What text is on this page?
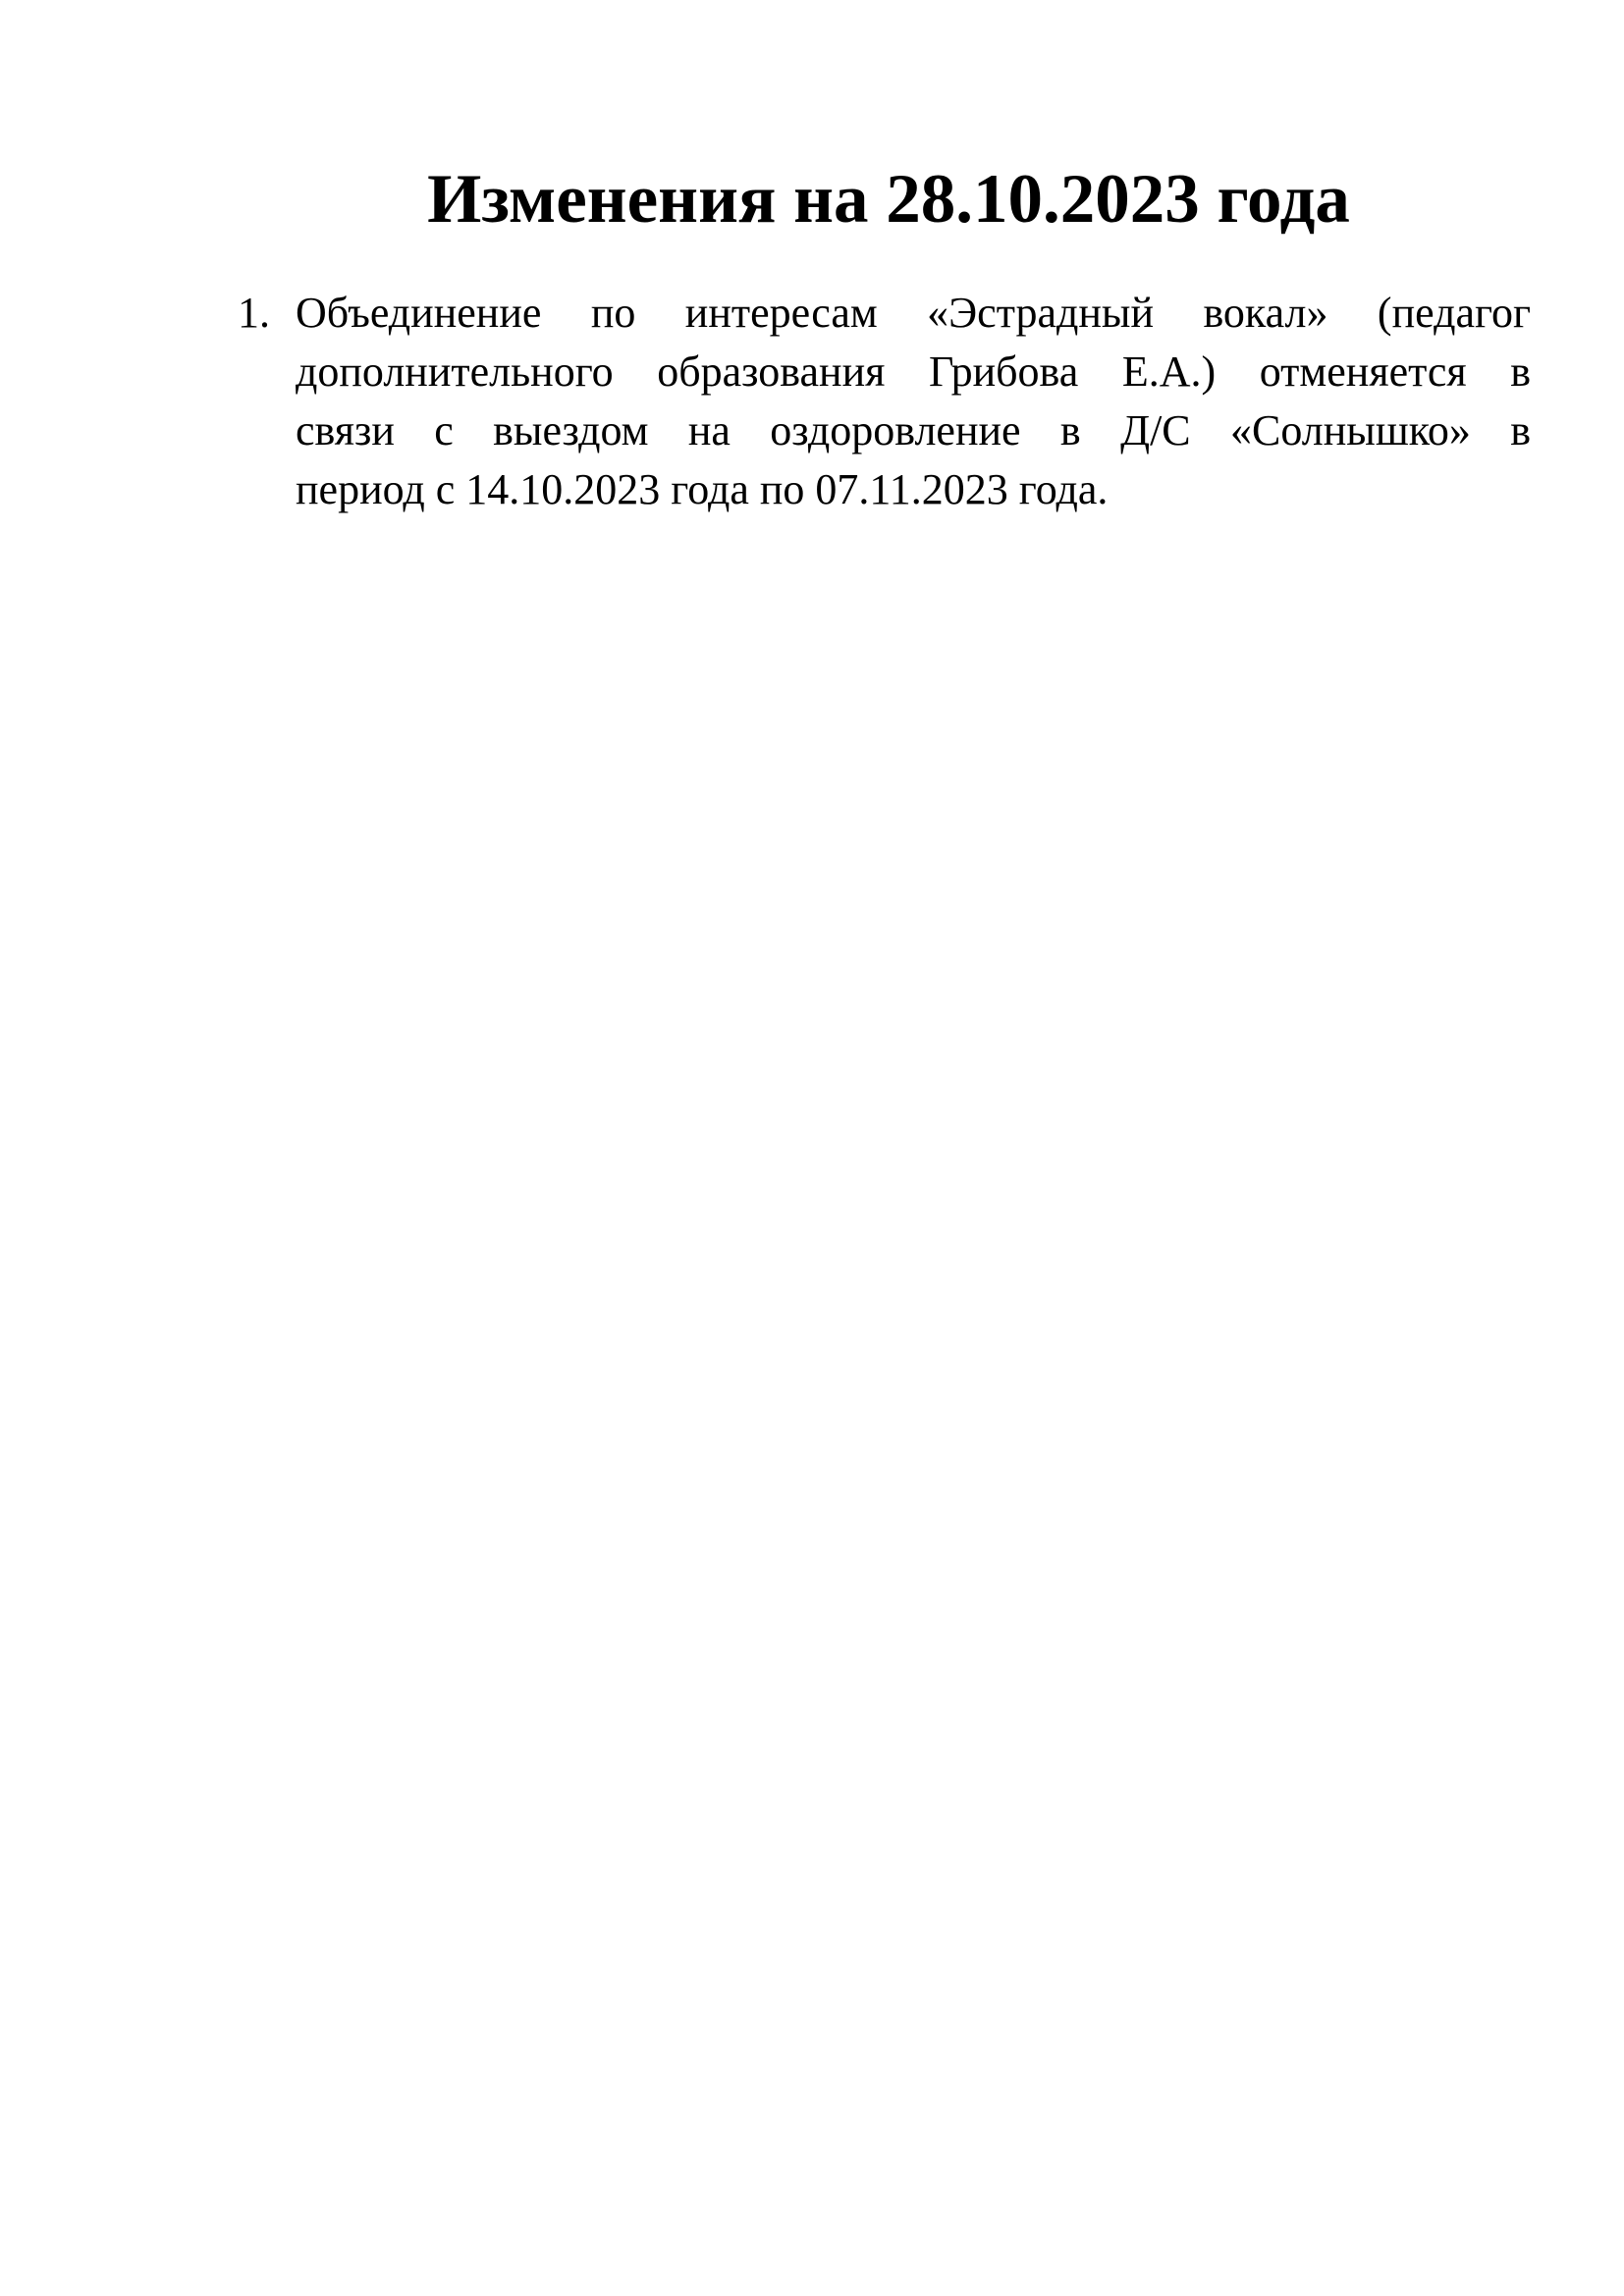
Изменения на 28.10.2023 года
1. Объединение по интересам «Эстрадный вокал» (педагог
дополнительного образования Грибова Е.А.) отменяется в
связи с выездом на оздоровление в Д/С «Солнышко» в
период с 14.10.2023 года по 07.11.2023 года.
